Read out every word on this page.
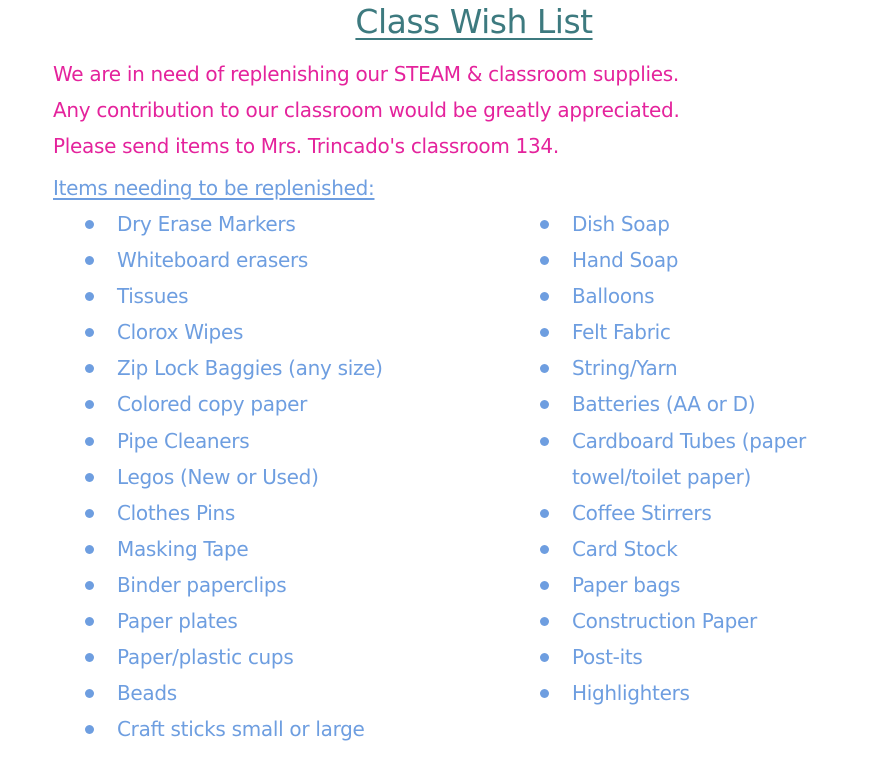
Class Wish List

We are in need of replenishing our STEAM & classroom supplies.

Any contribution to our classroom would be greatly appreciated.

Please send items to Mrs. Trincado's classroom 134.

Items needing to be replenished:
Dry Erase Markers
Whiteboard erasers
Tissues
Clorox Wipes
Zip Lock Baggies (any size)
Colored copy paper
Pipe Cleaners
Legos (New or Used)
Clothes Pins
Masking Tape
Binder paperclips
Paper plates
Paper/plastic cups
Beads
Craft sticks small or large
Dish Soap
Hand Soap
Balloons
Felt Fabric
String/Yarn
Batteries (AA or D)
Cardboard Tubes (paper towel/toilet paper)
Coffee Stirrers
Card Stock
Paper bags
Construction Paper
Post-its
Highlighters
